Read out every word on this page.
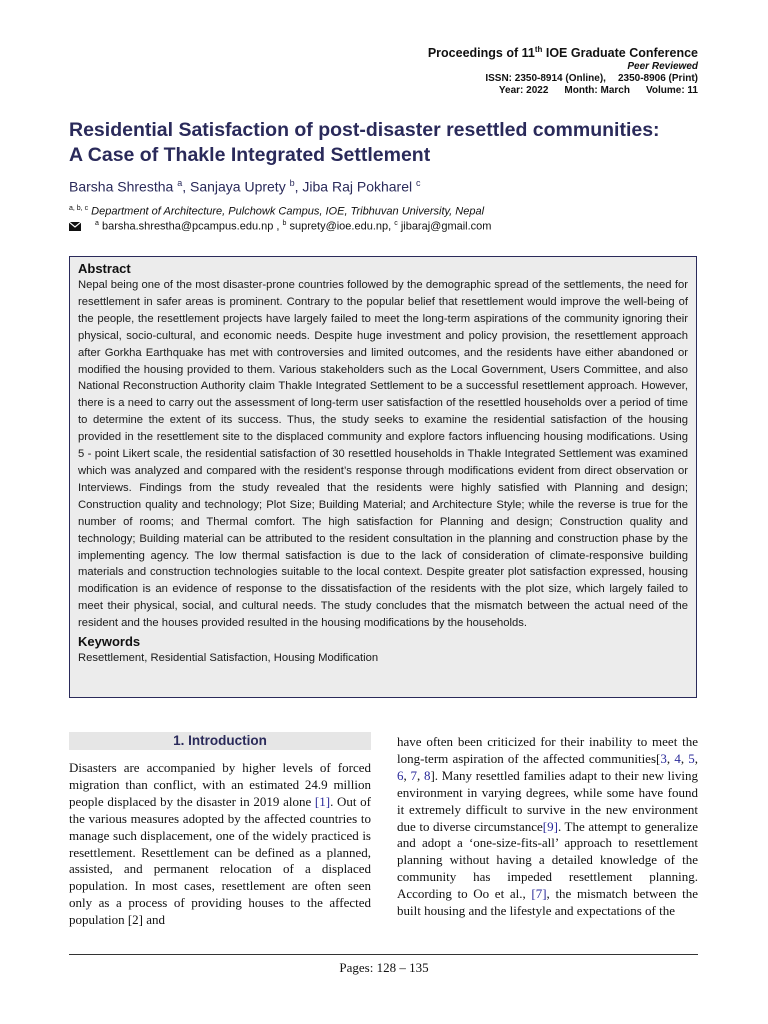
Proceedings of 11th IOE Graduate Conference
Peer Reviewed
ISSN: 2350-8914 (Online), 2350-8906 (Print)
Year: 2022 Month: March Volume: 11
Residential Satisfaction of post-disaster resettled communities:
A Case of Thakle Integrated Settlement
Barsha Shrestha $^a$, Sanjaya Uprety $^b$, Jiba Raj Pokharel $^c$
$^{a, b, c}$ Department of Architecture, Pulchowk Campus, IOE, Tribhuvan University, Nepal
$^a$ barsha.shrestha@pcampus.edu.np , $^b$ suprety@ioe.edu.np, $^c$ jibaraj@gmail.com
Abstract

Nepal being one of the most disaster-prone countries followed by the demographic spread of the settlements, the need for resettlement in safer areas is prominent. Contrary to the popular belief that resettlement would improve the well-being of the people, the resettlement projects have largely failed to meet the long-term aspirations of the community ignoring their physical, socio-cultural, and economic needs. Despite huge investment and policy provision, the resettlement approach after Gorkha Earthquake has met with controversies and limited outcomes, and the residents have either abandoned or modified the housing provided to them. Various stakeholders such as the Local Government, Users Committee, and also National Reconstruction Authority claim Thakle Integrated Settlement to be a successful resettlement approach. However, there is a need to carry out the assessment of long-term user satisfaction of the resettled households over a period of time to determine the extent of its success. Thus, the study seeks to examine the residential satisfaction of the housing provided in the resettlement site to the displaced community and explore factors influencing housing modifications. Using 5 - point Likert scale, the residential satisfaction of 30 resettled households in Thakle Integrated Settlement was examined which was analyzed and compared with the resident’s response through modifications evident from direct observation or Interviews. Findings from the study revealed that the residents were highly satisfied with Planning and design; Construction quality and technology; Plot Size; Building Material; and Architecture Style; while the reverse is true for the number of rooms; and Thermal comfort. The high satisfaction for Planning and design; Construction quality and technology; Building material can be attributed to the resident consultation in the planning and construction phase by the implementing agency. The low thermal satisfaction is due to the lack of consideration of climate-responsive building materials and construction technologies suitable to the local context. Despite greater plot satisfaction expressed, housing modification is an evidence of response to the dissatisfaction of the residents with the plot size, which largely failed to meet their physical, social, and cultural needs. The study concludes that the mismatch between the actual need of the resident and the houses provided resulted in the housing modifications by the households.

Keywords

Resettlement, Residential Satisfaction, Housing Modification

1. Introduction

Disasters are accompanied by higher levels of forced migration than conflict, with an estimated 24.9 million people displaced by the disaster in 2019 alone [1]. Out of the various measures adopted by the affected countries to manage such displacement, one of the widely practiced is resettlement. Resettlement can be defined as a planned, assisted, and permanent relocation of a displaced population. In most cases, resettlement are often seen only as a process of providing houses to the affected population [2] and

have often been criticized for their inability to meet the long-term aspiration of the affected communities[3, 4, 5, 6, 7, 8]. Many resettled families adapt to their new living environment in varying degrees, while some have found it extremely difficult to survive in the new environment due to diverse circumstance[9]. The attempt to generalize and adopt a ‘one-size-fits-all’ approach to resettlement planning without having a detailed knowledge of the community has impeded resettlement planning. According to Oo et al., [7], the mismatch between the built housing and the lifestyle and expectations of the

Pages: 128 – 135
